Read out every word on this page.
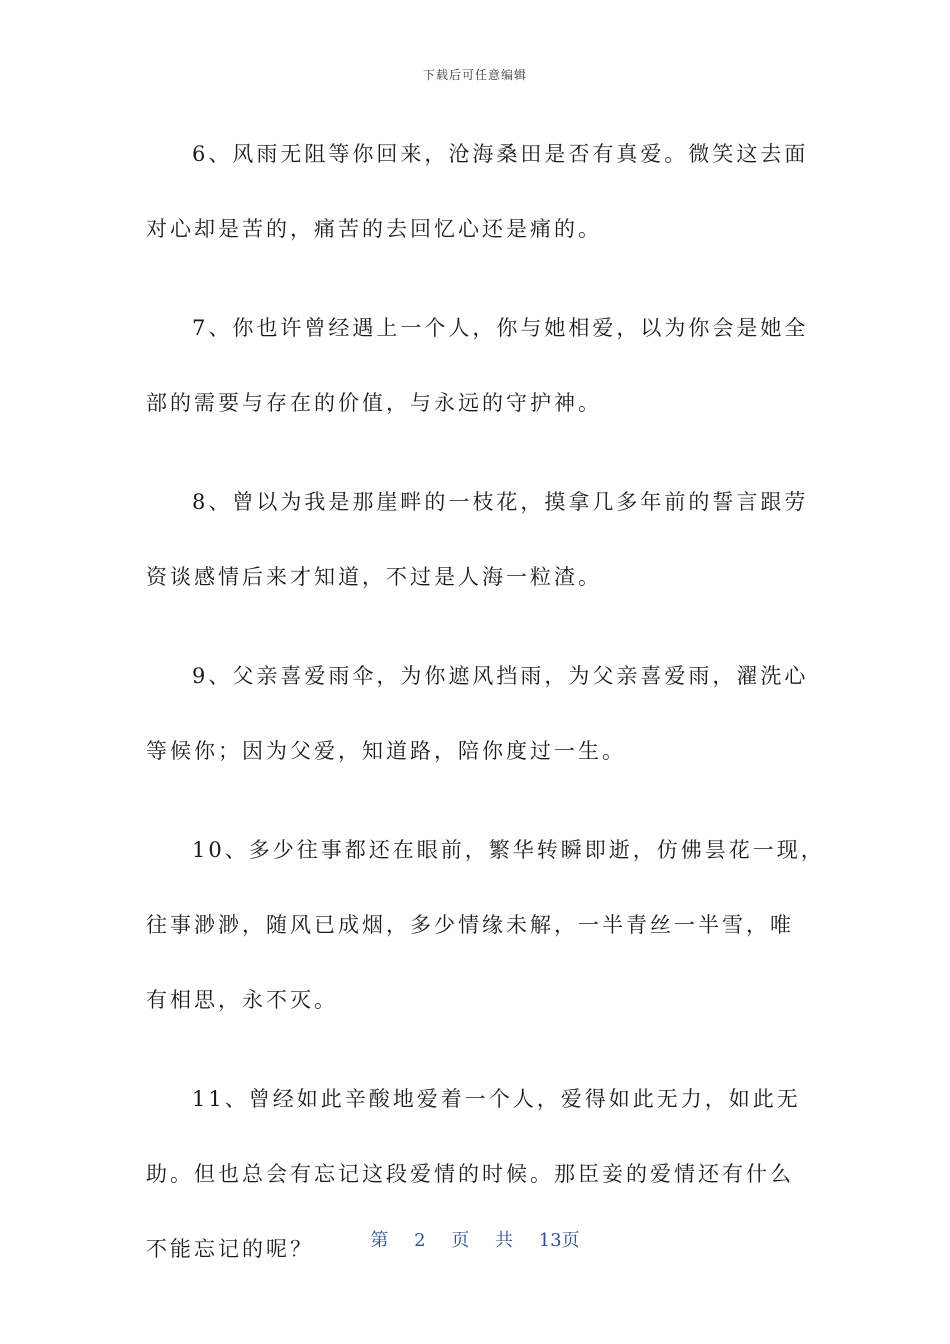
下载后可任意编辑
6、风雨无阻等你回来，沧海桑田是否有真爱。微笑这去面
对心却是苦的，痛苦的去回忆心还是痛的。
7、你也许曾经遇上一个人，你与她相爱，以为你会是她全
部的需要与存在的价值，与永远的守护神。
8、曾以为我是那崖畔的一枝花，摸拿几多年前的誓言跟劳
资谈感情后来才知道，不过是人海一粒渣。
9、父亲喜爱雨伞，为你遮风挡雨，为父亲喜爱雨，濯洗心
等候你；因为父爱，知道路，陪你度过一生。
10、多少往事都还在眼前，繁华转瞬即逝，仿佛昙花一现，
往事渺渺，随风已成烟，多少情缘未解，一半青丝一半雪，唯
有相思，永不灭。
11、曾经如此辛酸地爱着一个人，爱得如此无力，如此无
助。但也总会有忘记这段爱情的时候。那臣妾的爱情还有什么
不能忘记的呢？	第 2 页 共 13页
